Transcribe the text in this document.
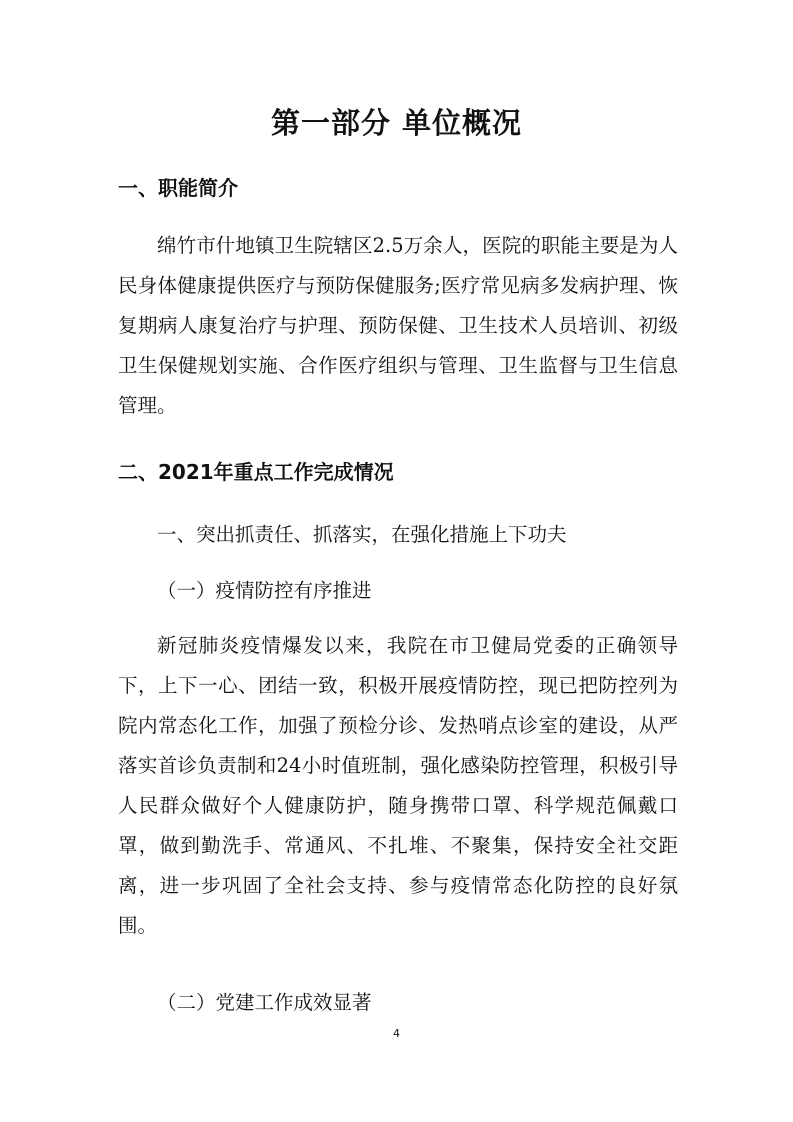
第一部分 单位概况
一、职能简介

绵竹市什地镇卫生院辖区2.5万余人，医院的职能主要是为人民身体健康提供医疗与预防保健服务;医疗常见病多发病护理、恢复期病人康复治疗与护理、预防保健、卫生技术人员培训、初级卫生保健规划实施、合作医疗组织与管理、卫生监督与卫生信息管理。

二、2021年重点工作完成情况
一、突出抓责任、抓落实，在强化措施上下功夫
（一）疫情防控有序推进

新冠肺炎疫情爆发以来，我院在市卫健局党委的正确领导下，上下一心、团结一致，积极开展疫情防控，现已把防控列为院内常态化工作，加强了预检分诊、发热哨点诊室的建设，从严落实首诊负责制和24小时值班制，强化感染防控管理，积极引导人民群众做好个人健康防护，随身携带口罩、科学规范佩戴口罩，做到勤洗手、常通风、不扎堆、不聚集，保持安全社交距离，进一步巩固了全社会支持、参与疫情常态化防控的良好氛围。

（二）党建工作成效显著
4
